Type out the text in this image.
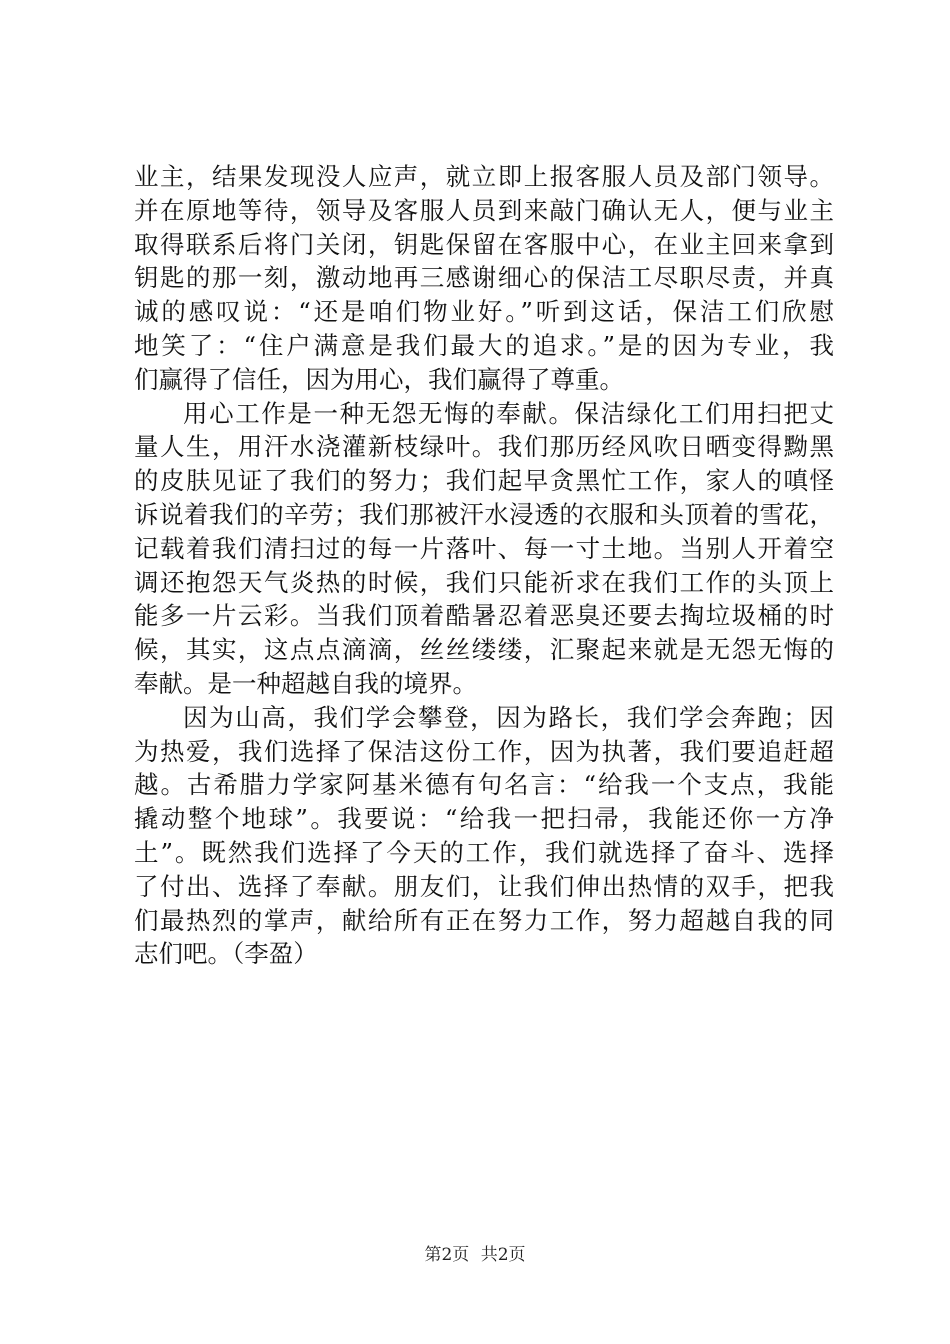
业主，结果发现没人应声，就立即上报客服人员及部门领导。
并在原地等待，领导及客服人员到来敲门确认无人，便与业主
取得联系后将门关闭，钥匙保留在客服中心，在业主回来拿到
钥匙的那一刻，激动地再三感谢细心的保洁工尽职尽责，并真
诚的感叹说：“还是咱们物业好。”听到这话，保洁工们欣慰
地笑了：“住户满意是我们最大的追求。”是的因为专业，我
们赢得了信任，因为用心，我们赢得了尊重。
用心工作是一种无怨无悔的奉献。保洁绿化工们用扫把丈
量人生，用汗水浇灌新枝绿叶。我们那历经风吹日晒变得黝黑
的皮肤见证了我们的努力；我们起早贪黑忙工作，家人的嗔怪
诉说着我们的辛劳；我们那被汗水浸透的衣服和头顶着的雪花，
记载着我们清扫过的每一片落叶、每一寸土地。当别人开着空
调还抱怨天气炎热的时候，我们只能祈求在我们工作的头顶上
能多一片云彩。当我们顶着酷暑忍着恶臭还要去掏垃圾桶的时
候，其实，这点点滴滴，丝丝缕缕，汇聚起来就是无怨无悔的
奉献。是一种超越自我的境界。
因为山高，我们学会攀登，因为路长，我们学会奔跑；因
为热爱，我们选择了保洁这份工作，因为执著，我们要追赶超
越。古希腊力学家阿基米德有句名言：“给我一个支点，我能
撬动整个地球”。我要说：“给我一把扫帚，我能还你一方净
土”。既然我们选择了今天的工作，我们就选择了奋斗、选择
了付出、选择了奉献。朋友们，让我们伸出热情的双手，把我
们最热烈的掌声，献给所有正在努力工作，努力超越自我的同
志们吧。（李盈）
第2页 共2页
